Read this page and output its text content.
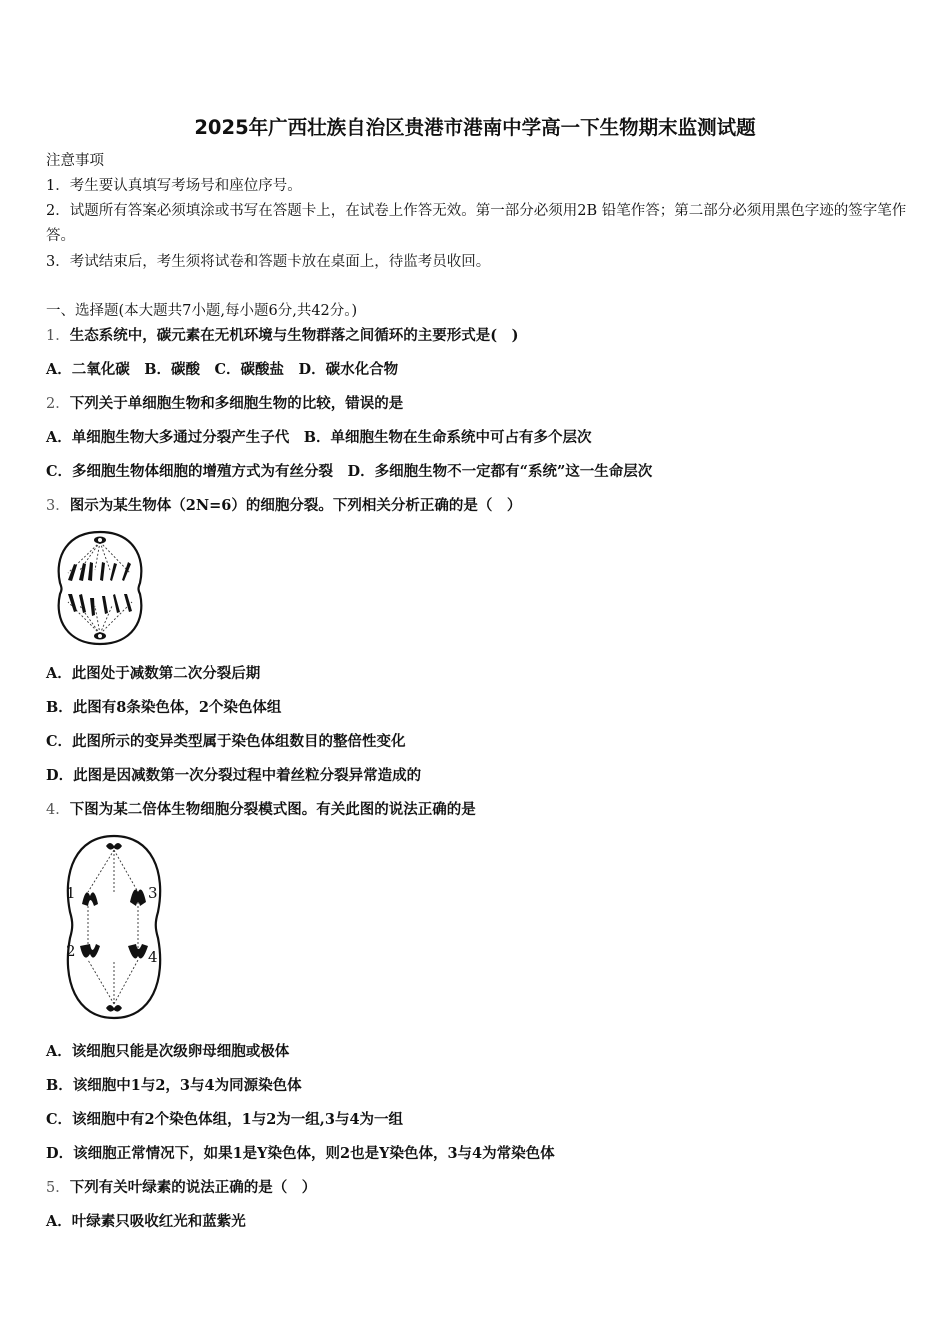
2025年广西壮族自治区贵港市港南中学高一下生物期末监测试题
注意事项
1．考生要认真填写考场号和座位序号。
2．试题所有答案必须填涂或书写在答题卡上，在试卷上作答无效。第一部分必须用2B 铅笔作答；第二部分必须用黑色字迹的签字笔作答。
3．考试结束后，考生须将试卷和答题卡放在桌面上，待监考员收回。
一、选择题(本大题共7小题,每小题6分,共42分。)
1．生态系统中，碳元素在无机环境与生物群落之间循环的主要形式是(　)
A．二氧化碳　B．碳酸　C．碳酸盐　D．碳水化合物
2．下列关于单细胞生物和多细胞生物的比较，错误的是
A．单细胞生物大多通过分裂产生子代　B．单细胞生物在生命系统中可占有多个层次
C．多细胞生物体细胞的增殖方式为有丝分裂　D．多细胞生物不一定都有“系统”这一生命层次
3．图示为某生物体（2N=6）的细胞分裂。下列相关分析正确的是（　）
A．此图处于减数第二次分裂后期
B．此图有8条染色体，2个染色体组
C．此图所示的变异类型属于染色体组数目的整倍性变化
D．此图是因减数第一次分裂过程中着丝粒分裂异常造成的
4．下图为某二倍体生物细胞分裂模式图。有关此图的说法正确的是
1
2
3
4
A．该细胞只能是次级卵母细胞或极体
B．该细胞中1与2，3与4为同源染色体
C．该细胞中有2个染色体组，1与2为一组,3与4为一组
D．该细胞正常情况下，如果1是Y染色体，则2也是Y染色体，3与4为常染色体
5．下列有关叶绿素的说法正确的是（　）
A．叶绿素只吸收红光和蓝紫光
